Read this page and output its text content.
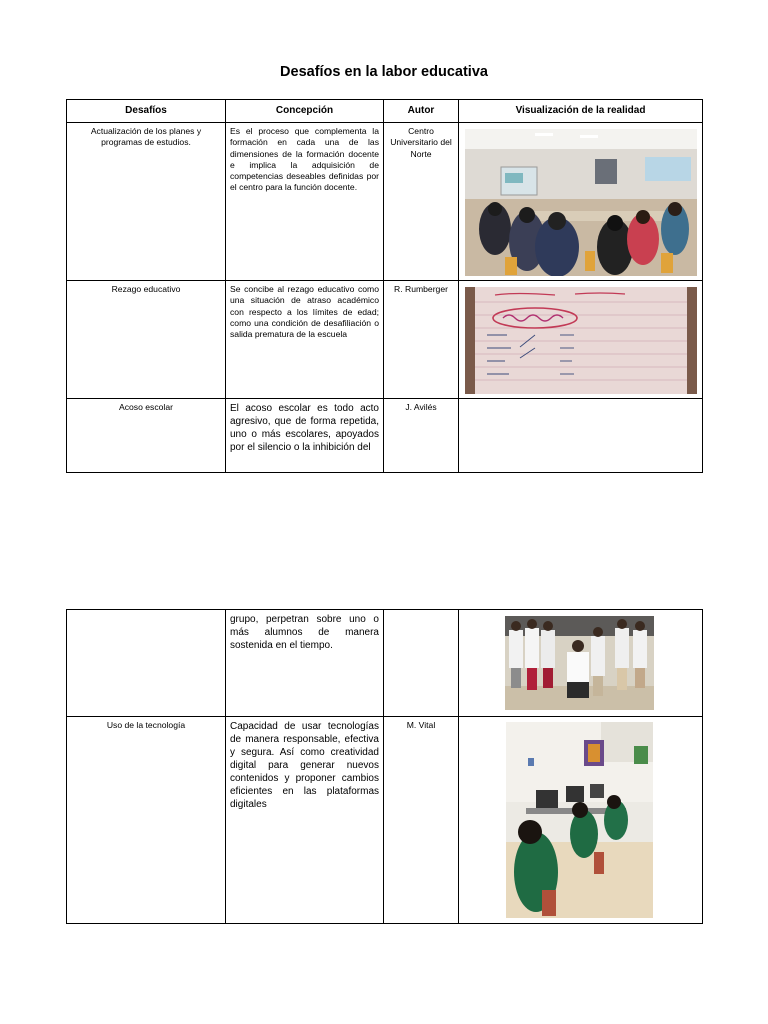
Desafíos en la labor educativa
Desafíos	Concepción	Autor	Visualización de la realidad
Actualización de los planes y programas de estudios.	Es el proceso que complementa la formación en cada una de las dimensiones de la formación docente e implica la adquisición de competencias deseables definidas por el centro para la función docente.	Centro Universitario del Norte	

Rezago educativo	Se concibe al rezago educativo como una situación de atraso académico con respecto a los límites de edad; como una condición de desafiliación o salida prematura de la escuela	R. Rumberger	

Acoso escolar	El acoso escolar es todo acto agresivo, que de forma repetida, uno o más escolares, apoyados por el silencio o la inhibición del	J. Avilés	
	grupo, perpetran sobre uno o más alumnos de manera sostenida en el tiempo.		

Uso de la tecnología	Capacidad de usar tecnologías de manera responsable, efectiva y segura. Así como creatividad digital para generar nuevos contenidos y proponer cambios eficientes en las plataformas digitales	M. Vital	
